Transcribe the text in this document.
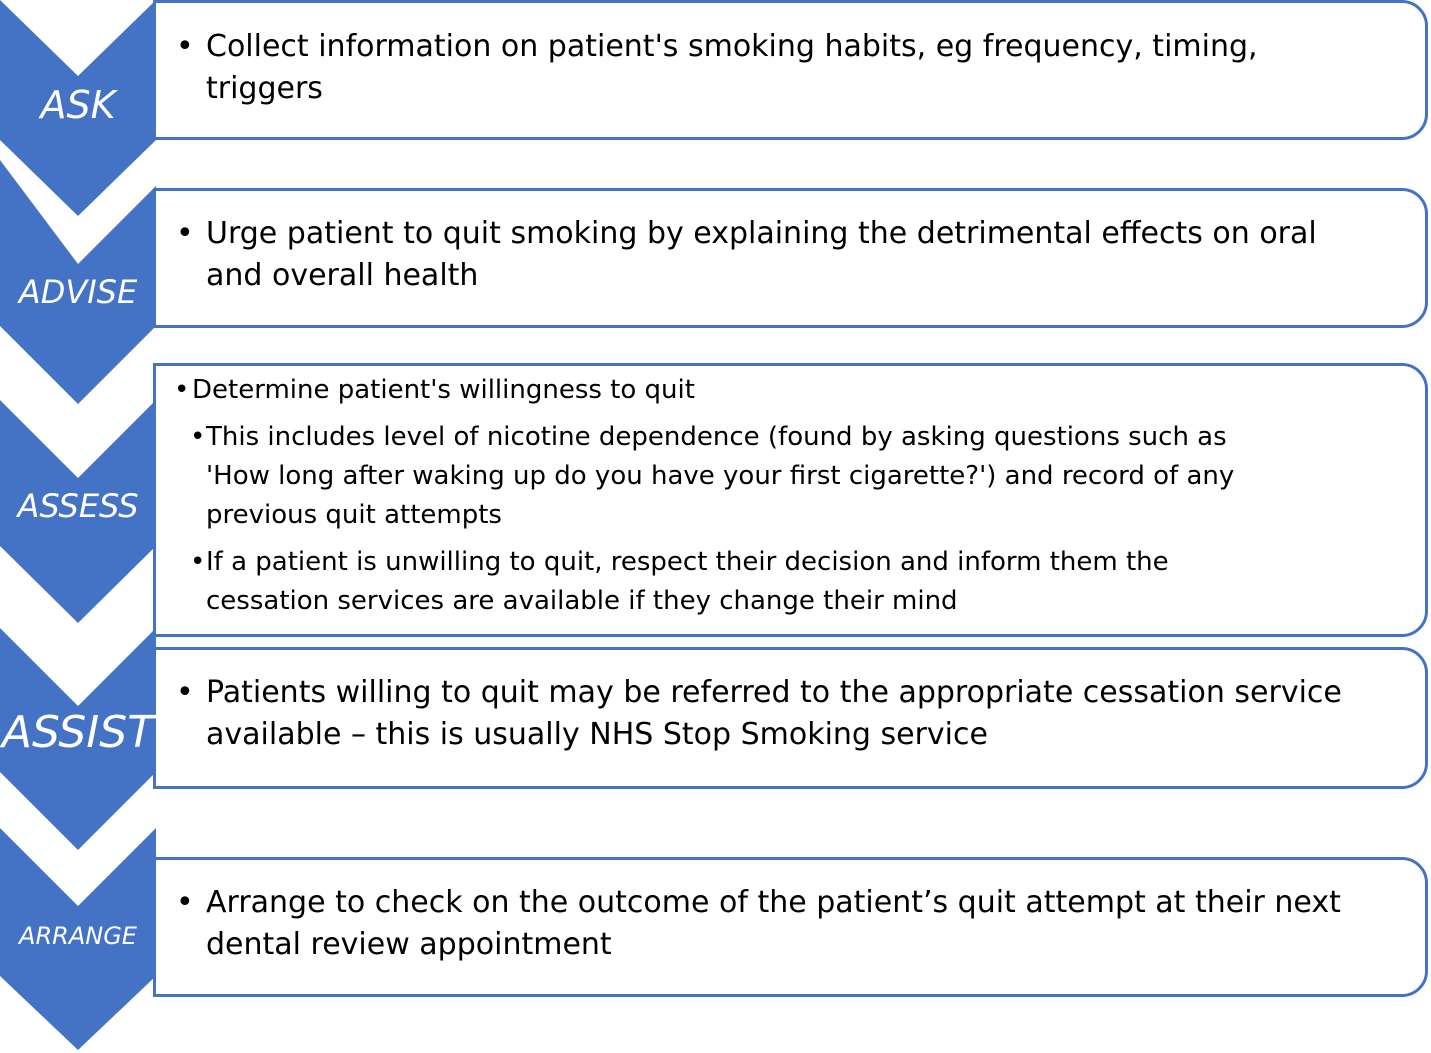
ASK
• Collect information on patient's smoking habits, eg frequency, timing,
triggers
ADVISE
• Urge patient to quit smoking by explaining the detrimental effects on oral
and overall health
ASSESS
• Determine patient's willingness to quit
• This includes level of nicotine dependence (found by asking questions such as
'How long after waking up do you have your first cigarette?') and record of any
previous quit attempts
• If a patient is unwilling to quit, respect their decision and inform them the
cessation services are available if they change their mind
ASSIST
• Patients willing to quit may be referred to the appropriate cessation service
available – this is usually NHS Stop Smoking service
ARRANGE
• Arrange to check on the outcome of the patient’s quit attempt at their next
dental review appointment
